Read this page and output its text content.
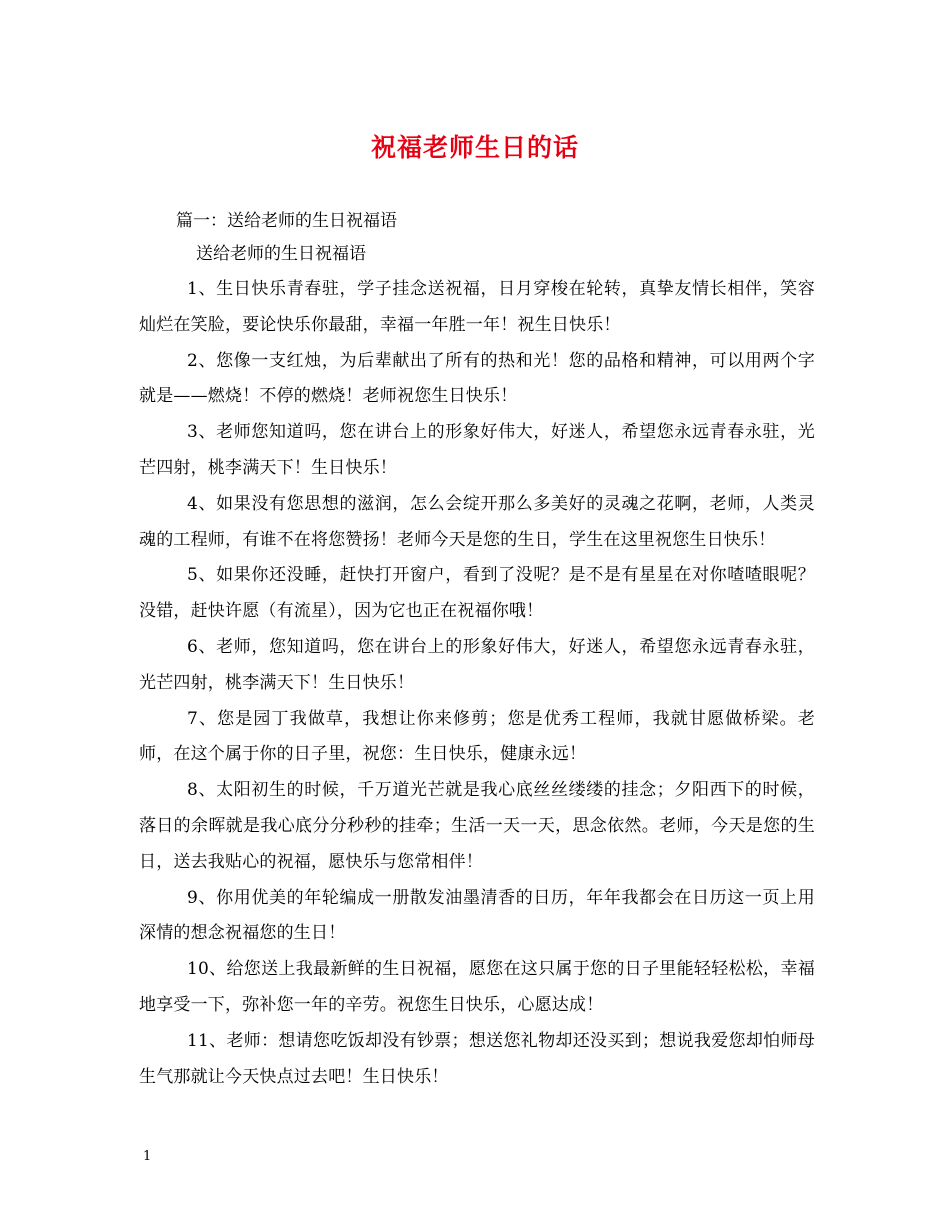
祝福老师生日的话
篇一：送给老师的生日祝福语
送给老师的生日祝福语

1、生日快乐青春驻，学子挂念送祝福，日月穿梭在轮转，真挚友情长相伴，笑容灿烂在笑脸，要论快乐你最甜，幸福一年胜一年！祝生日快乐！

2、您像一支红烛，为后辈献出了所有的热和光！您的品格和精神，可以用两个字就是——燃烧！不停的燃烧！老师祝您生日快乐！

3、老师您知道吗，您在讲台上的形象好伟大，好迷人，希望您永远青春永驻，光芒四射，桃李满天下！生日快乐！

4、如果没有您思想的滋润，怎么会绽开那么多美好的灵魂之花啊，老师，人类灵魂的工程师，有谁不在将您赞扬！老师今天是您的生日，学生在这里祝您生日快乐！

5、如果你还没睡，赶快打开窗户，看到了没呢？是不是有星星在对你喳喳眼呢？没错，赶快许愿（有流星），因为它也正在祝福你哦！

6、老师，您知道吗，您在讲台上的形象好伟大，好迷人，希望您永远青春永驻，光芒四射，桃李满天下！生日快乐！

7、您是园丁我做草，我想让你来修剪；您是优秀工程师，我就甘愿做桥梁。老师，在这个属于你的日子里，祝您：生日快乐，健康永远！

8、太阳初生的时候，千万道光芒就是我心底丝丝缕缕的挂念；夕阳西下的时候，落日的余晖就是我心底分分秒秒的挂牵；生活一天一天，思念依然。老师，今天是您的生日，送去我贴心的祝福，愿快乐与您常相伴！

9、你用优美的年轮编成一册散发油墨清香的日历，年年我都会在日历这一页上用深情的想念祝福您的生日！

10、给您送上我最新鲜的生日祝福，愿您在这只属于您的日子里能轻轻松松，幸福地享受一下，弥补您一年的辛劳。祝您生日快乐，心愿达成！

11、老师：想请您吃饭却没有钞票；想送您礼物却还没买到；想说我爱您却怕师母生气那就让今天快点过去吧！生日快乐！

1
